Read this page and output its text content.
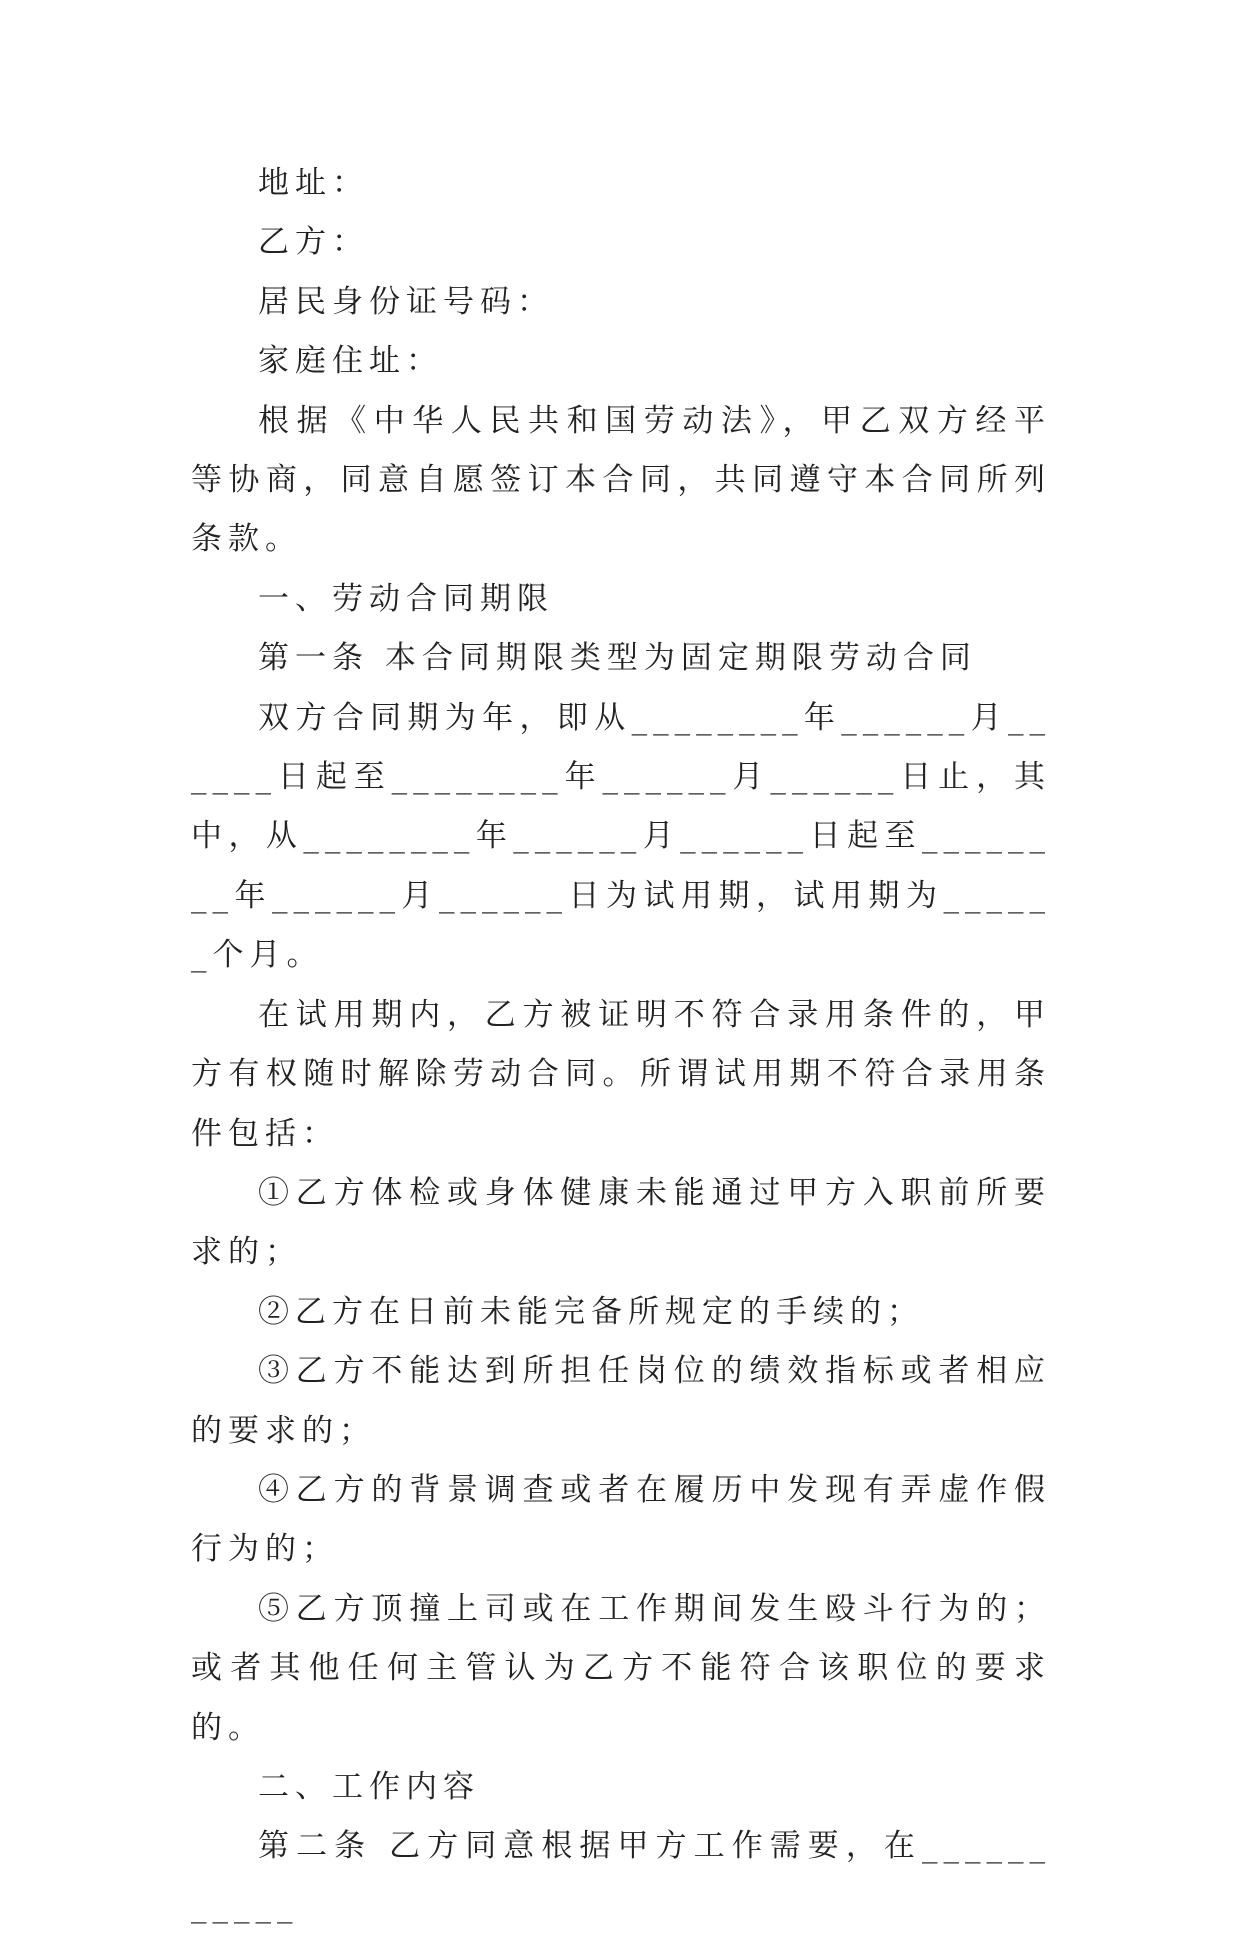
地址：

乙方：

居民身份证号码：

家庭住址：

根据《中华人民共和国劳动法》，甲乙双方经平等协商，同意自愿签订本合同，共同遵守本合同所列条款。

一、劳动合同期限

第一条 本合同期限类型为固定期限劳动合同

双方合同期为年，即从________年______月______日起至________年______月______日止，其中，从________年______月______日起至________年______月______日为试用期，试用期为______个月。

在试用期内，乙方被证明不符合录用条件的，甲方有权随时解除劳动合同。所谓试用期不符合录用条件包括：

①乙方体检或身体健康未能通过甲方入职前所要求的；

②乙方在日前未能完备所规定的手续的；

③乙方不能达到所担任岗位的绩效指标或者相应的要求的；

④乙方的背景调查或者在履历中发现有弄虚作假行为的；

⑤乙方顶撞上司或在工作期间发生殴斗行为的；或者其他任何主管认为乙方不能符合该职位的要求的。

二、工作内容

第二条 乙方同意根据甲方工作需要，在___________
